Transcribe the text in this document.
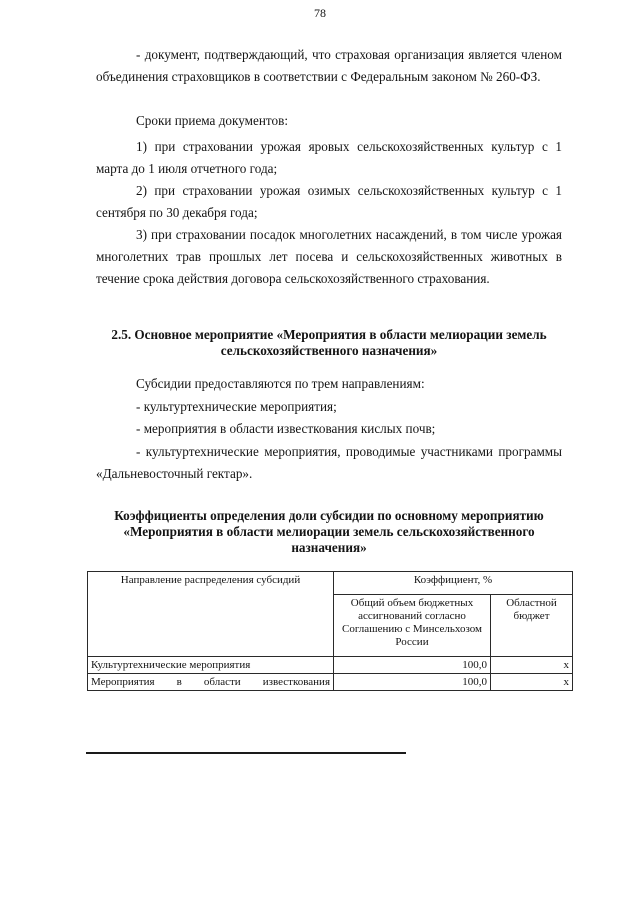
78

- документ, подтверждающий, что страховая организация является членом объединения страховщиков в соответствии с Федеральным законом № 260-ФЗ.

Сроки приема документов:

1) при страховании урожая яровых сельскохозяйственных культур с 1 марта до 1 июля отчетного года;

2) при страховании урожая озимых сельскохозяйственных культур с 1 сентября по 30 декабря года;

3) при страховании посадок многолетних насаждений, в том числе урожая многолетних трав прошлых лет посева и сельскохозяйственных животных в течение срока действия договора сельскохозяйственного страхования.

2.5. Основное мероприятие «Мероприятия в области мелиорации земель сельскохозяйственного назначения»

Субсидии предоставляются по трем направлениям:

- культуртехнические мероприятия;

- мероприятия в области известкования кислых почв;

- культуртехнические мероприятия, проводимые участниками программы «Дальневосточный гектар».

Коэффициенты определения доли субсидии по основному мероприятию «Мероприятия в области мелиорации земель сельскохозяйственного назначения»
Направление распределения субсидий	Коэффициент, %	
	Общий объем бюджетных ассигнований согласно Соглашению с Минсельхозом России	Областной бюджет
Культуртехнические мероприятия	100,0	х
Мероприятия в области известкования	100,0	х
